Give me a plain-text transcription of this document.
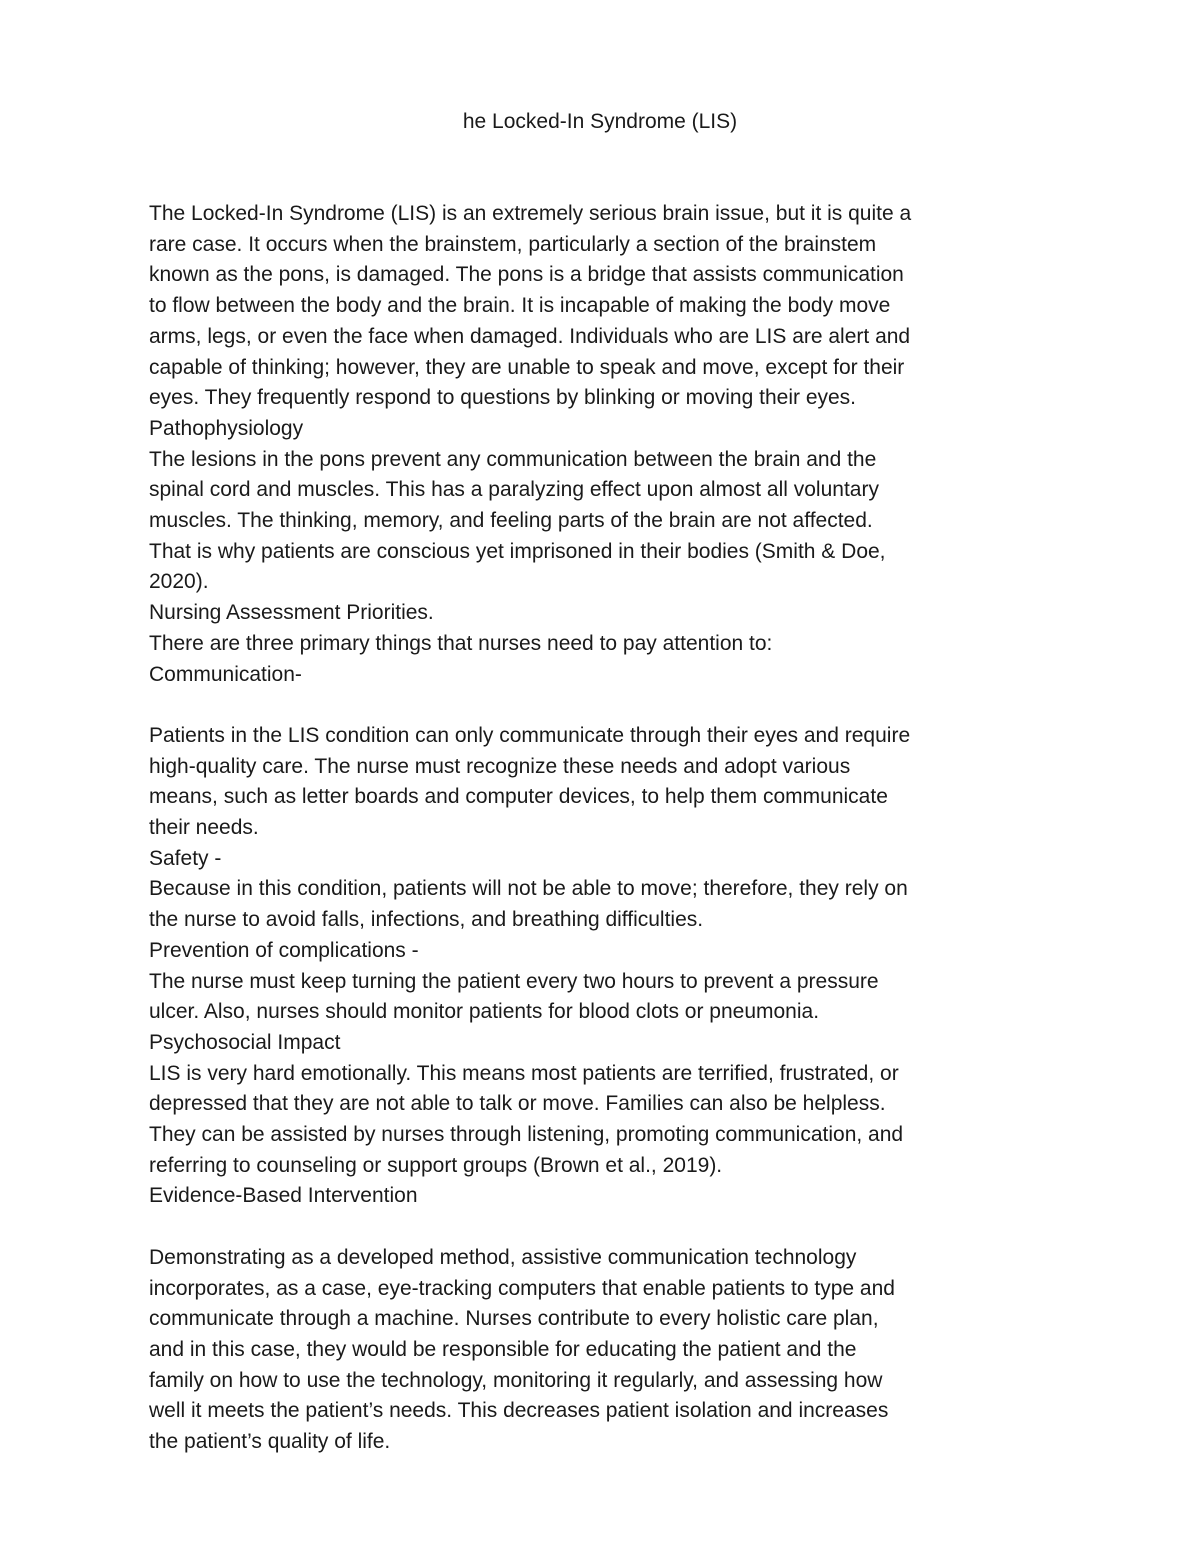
he Locked-In Syndrome (LIS)
The Locked-In Syndrome (LIS) is an extremely serious brain issue, but it is quite a
rare case. It occurs when the brainstem, particularly a section of the brainstem
known as the pons, is damaged. The pons is a bridge that assists communication
to flow between the body and the brain. It is incapable of making the body move
arms, legs, or even the face when damaged. Individuals who are LIS are alert and
capable of thinking; however, they are unable to speak and move, except for their
eyes. They frequently respond to questions by blinking or moving their eyes.
Pathophysiology
The lesions in the pons prevent any communication between the brain and the
spinal cord and muscles. This has a paralyzing effect upon almost all voluntary
muscles. The thinking, memory, and feeling parts of the brain are not affected.
That is why patients are conscious yet imprisoned in their bodies (Smith & Doe,
2020).
Nursing Assessment Priorities.
There are three primary things that nurses need to pay attention to:
Communication-
Patients in the LIS condition can only communicate through their eyes and require
high-quality care. The nurse must recognize these needs and adopt various
means, such as letter boards and computer devices, to help them communicate
their needs.
Safety -
Because in this condition, patients will not be able to move; therefore, they rely on
the nurse to avoid falls, infections, and breathing difficulties.
Prevention of complications -
The nurse must keep turning the patient every two hours to prevent a pressure
ulcer. Also, nurses should monitor patients for blood clots or pneumonia.
Psychosocial Impact
LIS is very hard emotionally. This means most patients are terrified, frustrated, or
depressed that they are not able to talk or move. Families can also be helpless.
They can be assisted by nurses through listening, promoting communication, and
referring to counseling or support groups (Brown et al., 2019).
Evidence-Based Intervention
Demonstrating as a developed method, assistive communication technology
incorporates, as a case, eye-tracking computers that enable patients to type and
communicate through a machine. Nurses contribute to every holistic care plan,
and in this case, they would be responsible for educating the patient and the
family on how to use the technology, monitoring it regularly, and assessing how
well it meets the patient’s needs. This decreases patient isolation and increases
the patient’s quality of life.
